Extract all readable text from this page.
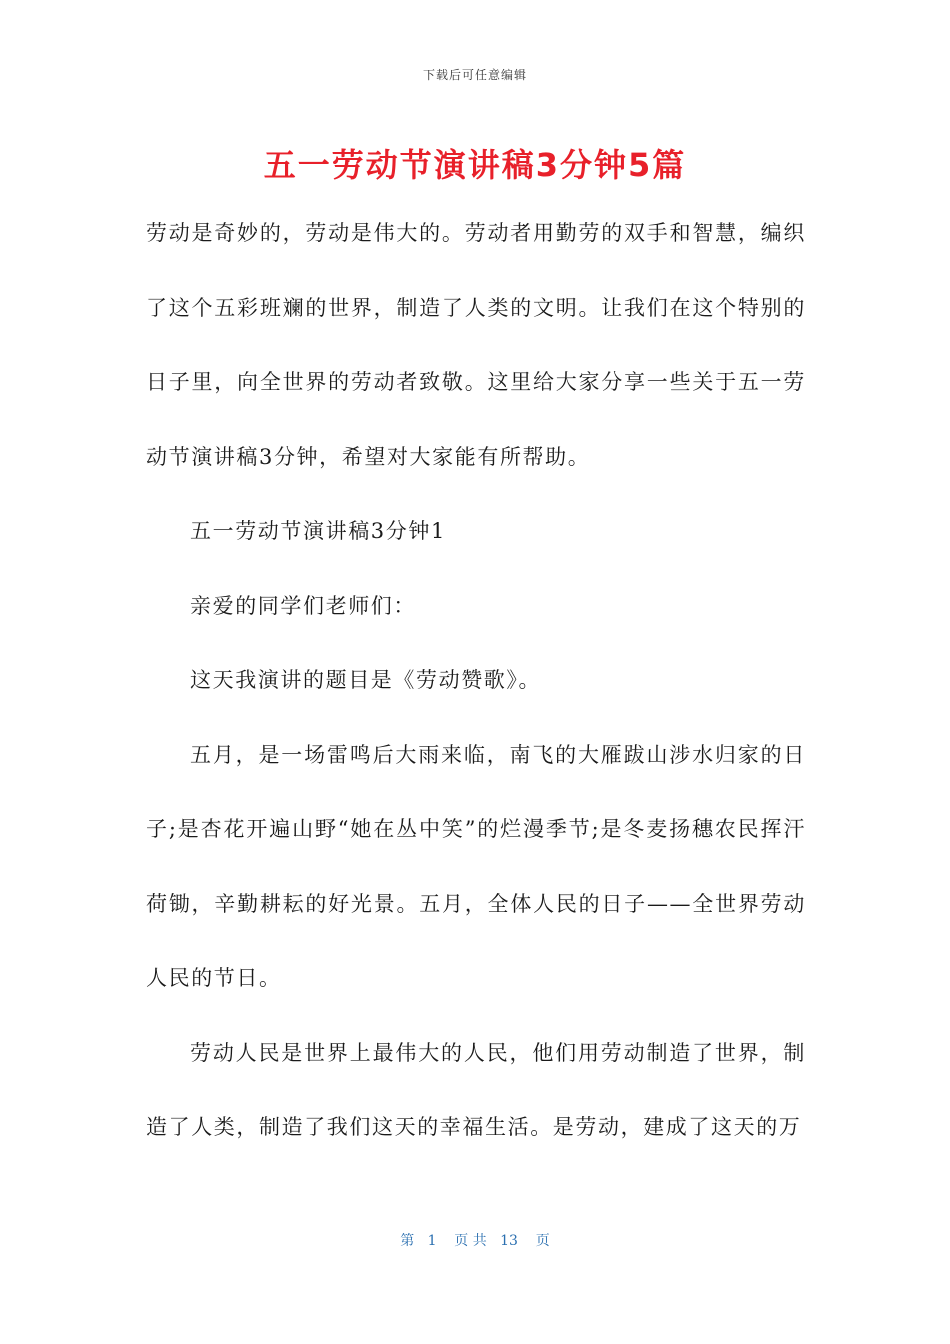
下载后可任意编辑
五一劳动节演讲稿3分钟5篇

劳动是奇妙的，劳动是伟大的。劳动者用勤劳的双手和智慧，编织了这个五彩班斓的世界，制造了人类的文明。让我们在这个特别的日子里，向全世界的劳动者致敬。这里给大家分享一些关于五一劳动节演讲稿3分钟，希望对大家能有所帮助。

五一劳动节演讲稿3分钟1

亲爱的同学们老师们：

这天我演讲的题目是《劳动赞歌》。

五月，是一场雷鸣后大雨来临，南飞的大雁跋山涉水归家的日子;是杏花开遍山野“她在丛中笑”的烂漫季节;是冬麦扬穗农民挥汗荷锄，辛勤耕耘的好光景。五月，全体人民的日子——全世界劳动人民的节日。

劳动人民是世界上最伟大的人民，他们用劳动制造了世界，制造了人类，制造了我们这天的幸福生活。是劳动，建成了这天的万

第   1    页 共   13    页
